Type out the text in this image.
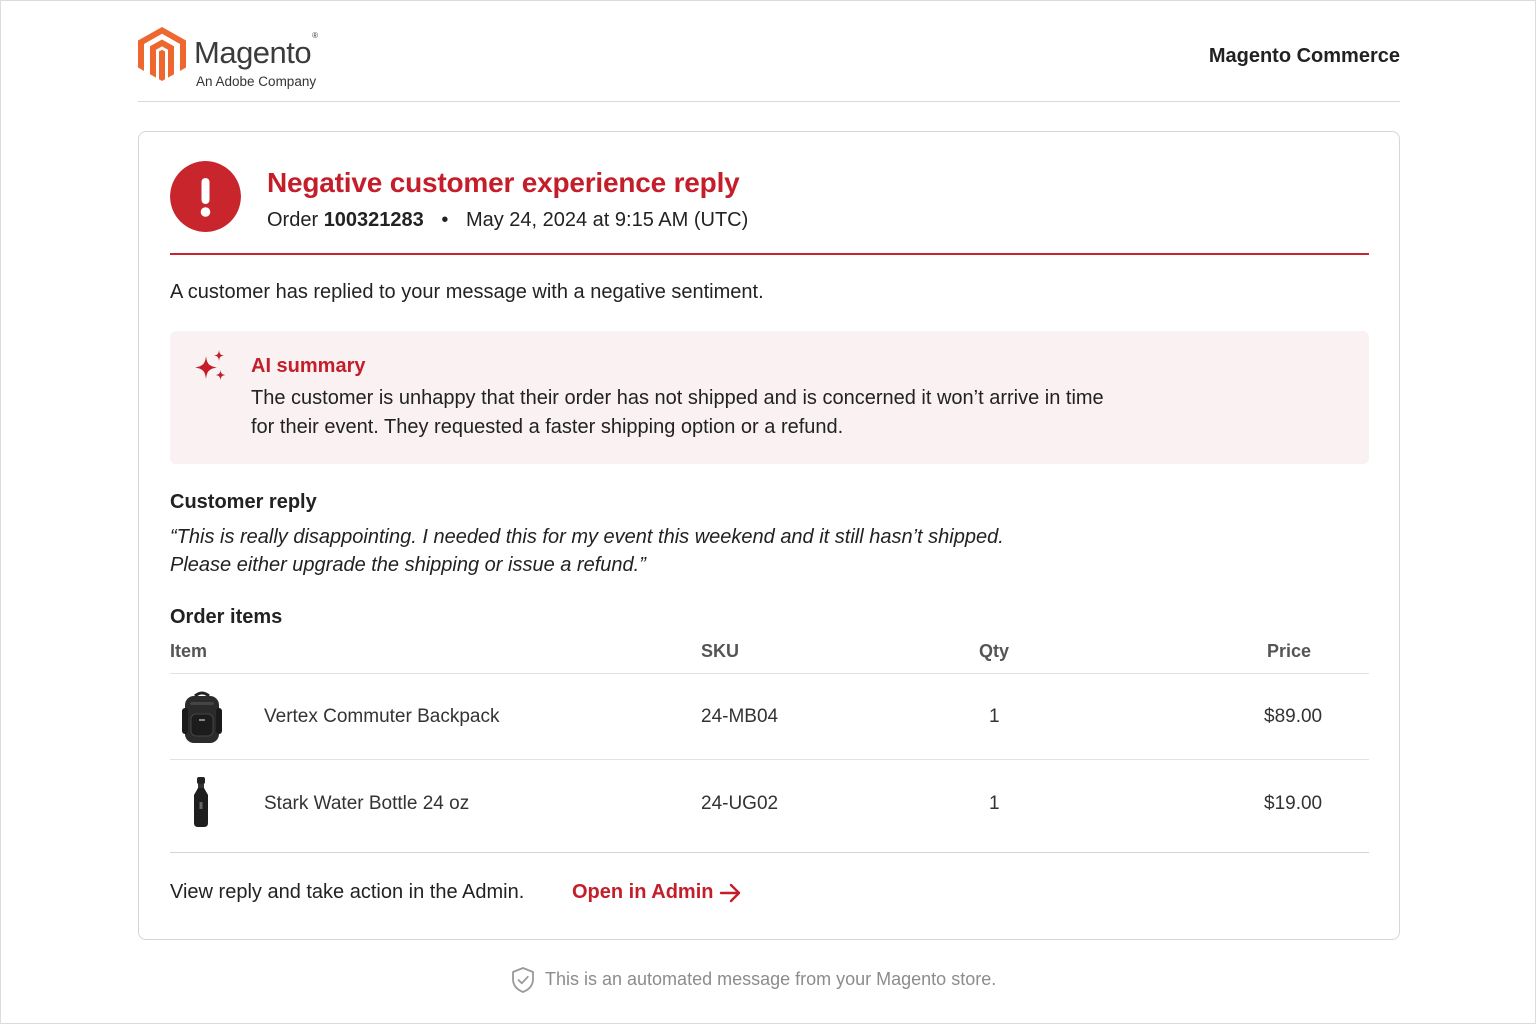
Magento®
An Adobe Company
Magento Commerce
Negative customer experience reply
Order 100321283 • May 24, 2024 at 9:15 AM (UTC)
A customer has replied to your message with a negative sentiment.
AI summary
The customer is unhappy that their order has not shipped and is concerned it won’t arrive in time
for their event. They requested a faster shipping option or a refund.
Customer reply
“This is really disappointing. I needed this for my event this weekend and it still hasn’t shipped.
Please either upgrade the shipping or issue a refund.”
Order items
Item	SKU	Qty	Price
Vertex Commuter Backpack	24-MB04	1	$89.00
Stark Water Bottle 24 oz	24-UG02	1	$19.00
View reply and take action in the Admin. Open in Admin
This is an automated message from your Magento store.
